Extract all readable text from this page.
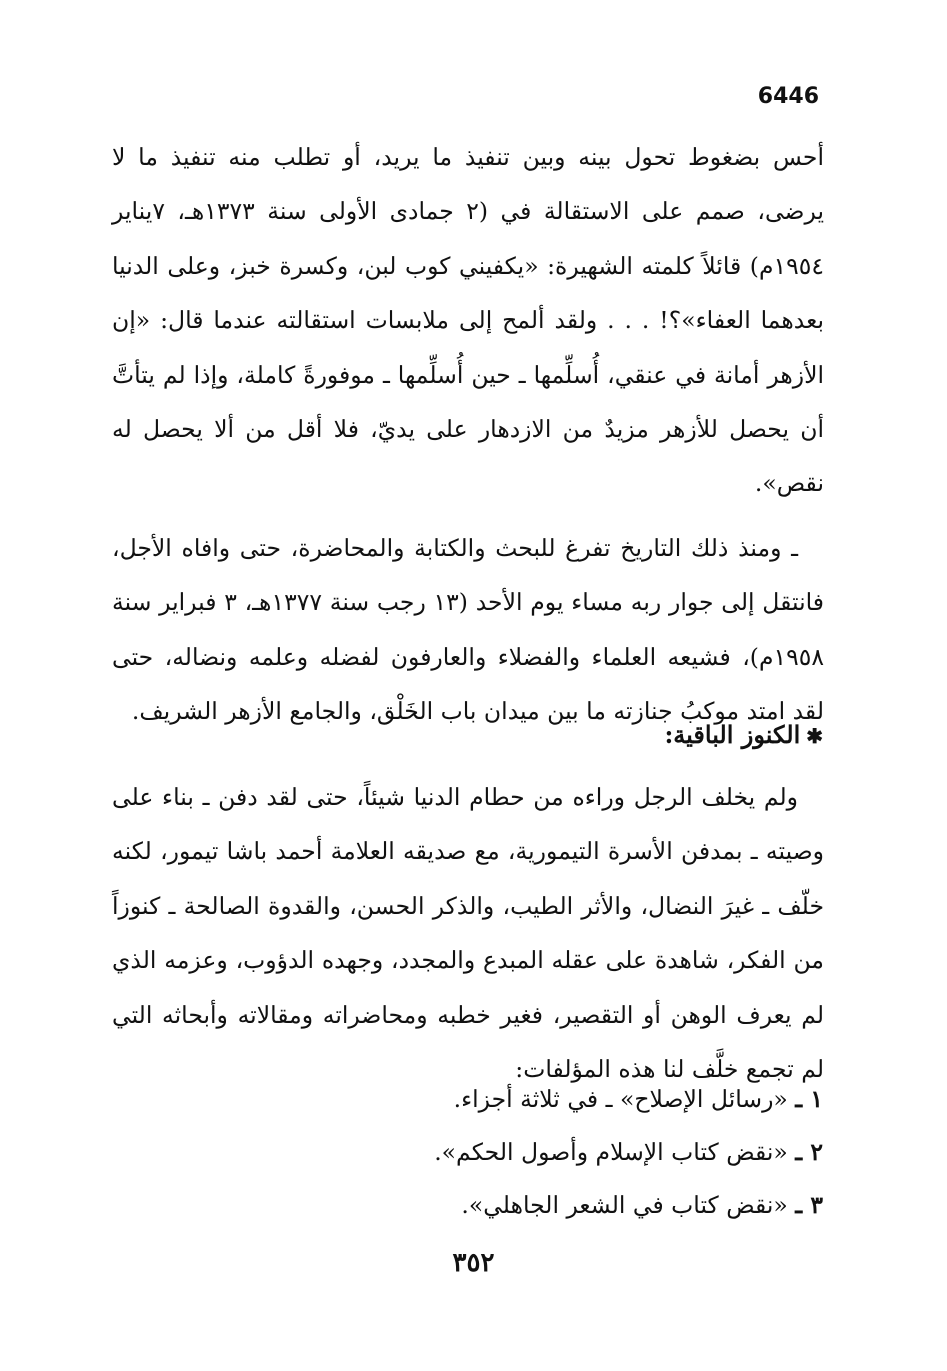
6446

أحس بضغوط تحول بينه وبين تنفيذ ما يريد، أو تطلب منه تنفيذ ما لا يرضى، صمم على الاستقالة في (٢ جمادى الأولى سنة ١٣٧٣هـ، ٧يناير ١٩٥٤م) قائلاً كلمته الشهيرة: «يكفيني كوب لبن، وكسرة خبز، وعلى الدنيا بعدهما العفاء»؟! . . . ولقد ألمح إلى ملابسات استقالته عندما قال: «إن الأزهر أمانة في عنقي، أُسلِّمها ـ حين أُسلِّمها ـ موفورةً كاملة، وإذا لم يتأتَّ أن يحصل للأزهر مزيدٌ من الازدهار على يديّ، فلا أقل من ألا يحصل له نقص».

ـ ومنذ ذلك التاريخ تفرغ للبحث والكتابة والمحاضرة، حتى وافاه الأجل، فانتقل إلى جوار ربه مساء يوم الأحد (١٣ رجب سنة ١٣٧٧هـ، ٣ فبراير سنة ١٩٥٨م)، فشيعه العلماء والفضلاء والعارفون لفضله وعلمه ونضاله، حتى لقد امتد موكبُ جنازته ما بين ميدان باب الخَلْق، والجامع الأزهر الشريف.

✱الكنوز الباقية:

ولم يخلف الرجل وراءه من حطام الدنيا شيئاً، حتى لقد دفن ـ بناء على وصيته ـ بمدفن الأسرة التيمورية، مع صديقه العلامة أحمد باشا تيمور، لكنه خلّف ـ غيرَ النضال، والأثر الطيب، والذكر الحسن، والقدوة الصالحة ـ كنوزاً من الفكر، شاهدة على عقله المبدع والمجدد، وجهده الدؤوب، وعزمه الذي لم يعرف الوهن أو التقصير، فغير خطبه ومحاضراته ومقالاته وأبحاثه التي لم تجمع خلَّف لنا هذه المؤلفات:

١ ـ «رسائل الإصلاح» ـ في ثلاثة أجزاء.
٢ ـ «نقض كتاب الإسلام وأصول الحكم».
٣ ـ «نقض كتاب في الشعر الجاهلي».
٣٥٢
